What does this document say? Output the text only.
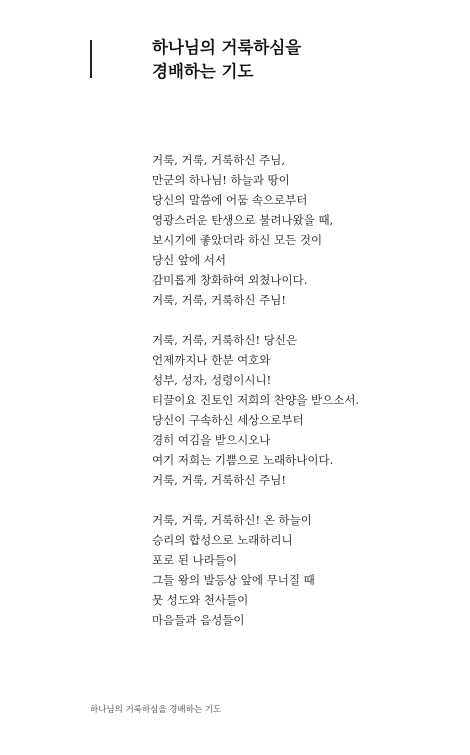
하나님의 거룩하심을
경배하는 기도
거룩, 거룩, 거룩하신 주님,
만군의 하나님! 하늘과 땅이
당신의 말씀에 어둠 속으로부터
영광스러운 탄생으로 불려나왔을 때,
보시기에 좋았더라 하신 모든 것이
당신 앞에 서서
감미롭게 창화하여 외쳤나이다.
거룩, 거룩, 거룩하신 주님!
거룩, 거룩, 거룩하신! 당신은
언제까지나 한분 여호와
성부, 성자, 성령이시니!
티끌이요 진토인 저희의 찬양을 받으소서.
당신이 구속하신 세상으로부터
경히 여김을 받으시오나
여기 저희는 기쁨으로 노래하나이다.
거룩, 거룩, 거룩하신 주님!
거룩, 거룩, 거룩하신! 온 하늘이
승리의 합성으로 노래하리니
포로 된 나라들이
그들 왕의 발등상 앞에 무너질 때
뭇 성도와 천사들이
마음들과 음성들이
하나님의 거룩하심을 경배하는 기도
